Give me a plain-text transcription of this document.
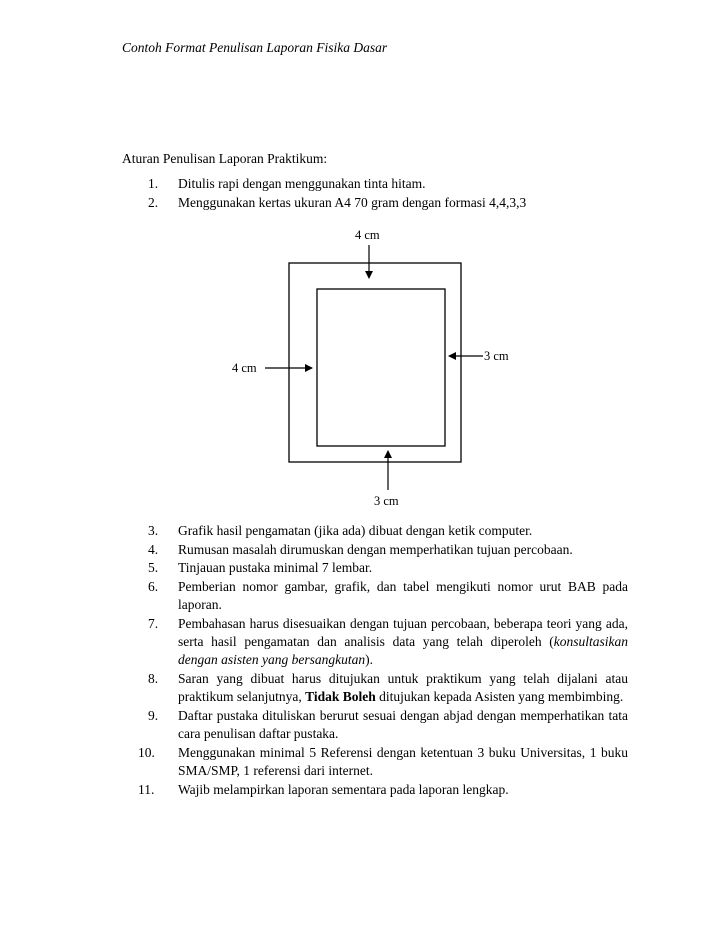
Contoh Format Penulisan Laporan Fisika Dasar
Aturan Penulisan Laporan Praktikum:
1.	Ditulis rapi dengan menggunakan tinta hitam.
2.	Menggunakan kertas ukuran A4 70 gram dengan formasi 4,4,3,3
4 cm
4 cm
3 cm
3 cm
3.	Grafik hasil pengamatan (jika ada) dibuat dengan ketik computer.
4.	Rumusan masalah dirumuskan dengan memperhatikan tujuan percobaan.
5.	Tinjauan pustaka minimal 7 lembar.
6.	Pemberian nomor gambar, grafik, dan tabel mengikuti nomor urut BAB pada laporan.
7.	Pembahasan harus disesuaikan dengan tujuan percobaan, beberapa teori yang ada, serta hasil pengamatan dan analisis data yang telah diperoleh (konsultasikan dengan asisten yang bersangkutan).
8.	Saran yang dibuat harus ditujukan untuk praktikum yang telah dijalani atau praktikum selanjutnya, Tidak Boleh ditujukan kepada Asisten yang membimbing.
9.	Daftar pustaka dituliskan berurut sesuai dengan abjad dengan memperhatikan tata cara penulisan daftar pustaka.
10.	Menggunakan minimal 5 Referensi dengan ketentuan 3 buku Universitas, 1 buku SMA/SMP, 1 referensi dari internet.
11.	Wajib melampirkan laporan sementara pada laporan lengkap.
